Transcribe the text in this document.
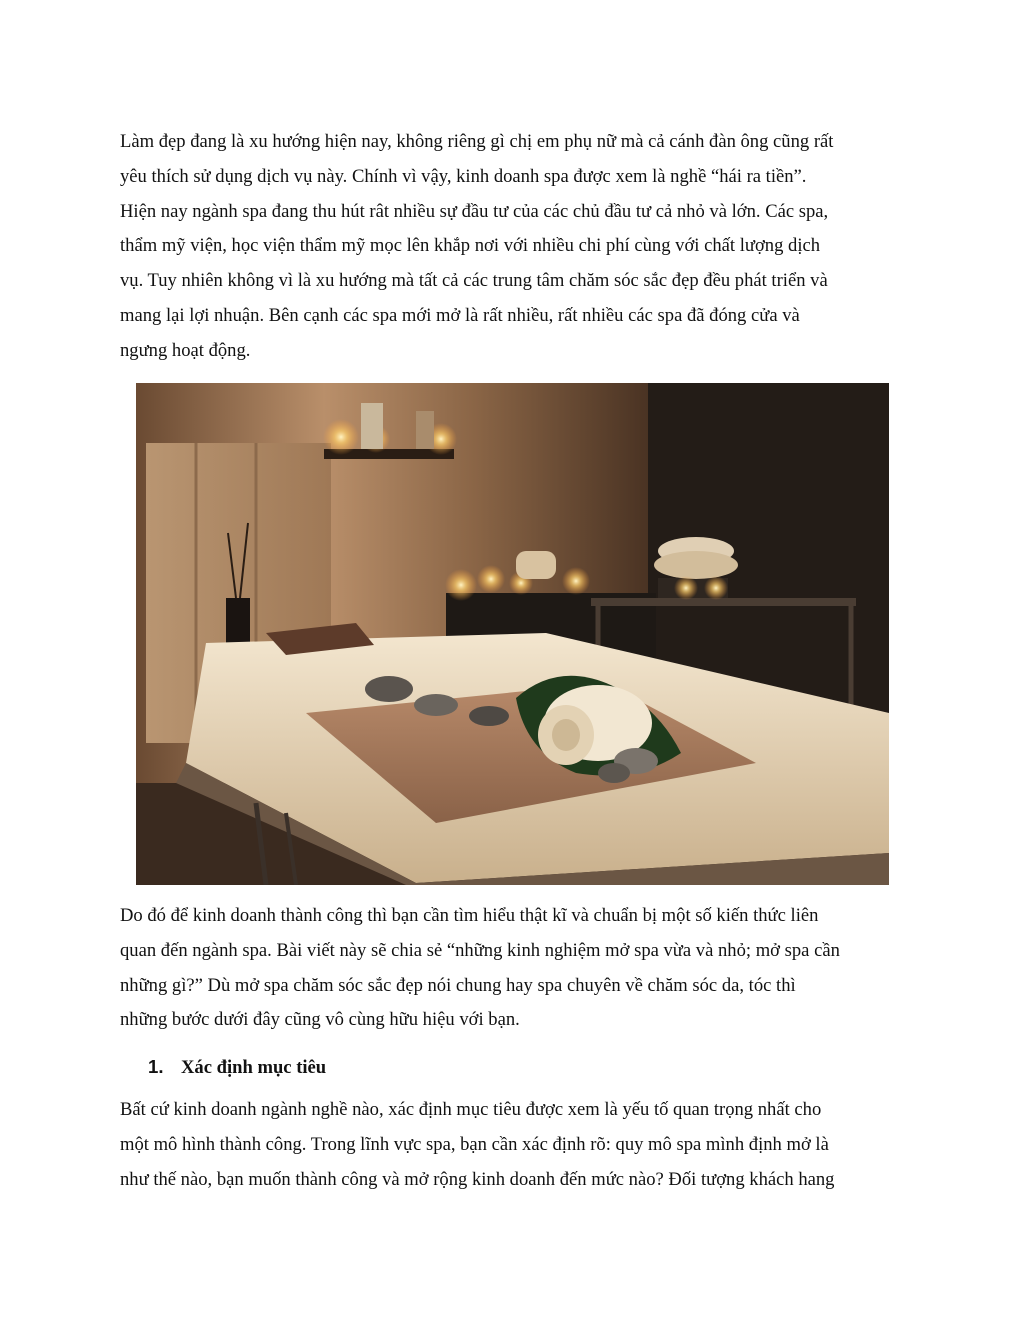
Làm đẹp đang là xu hướng hiện nay, không riêng gì chị em phụ nữ mà cả cánh đàn ông cũng rất
yêu thích sử dụng dịch vụ này. Chính vì vậy, kinh doanh spa được xem là nghề “hái ra tiền”.
Hiện nay ngành spa đang thu hút rât nhiều sự đầu tư của các chủ đầu tư cả nhỏ và lớn. Các spa,
thẩm mỹ viện, học viện thẩm mỹ mọc lên khắp nơi với nhiều chi phí cùng với chất lượng dịch
vụ. Tuy nhiên không vì là xu hướng mà tất cả các trung tâm chăm sóc sắc đẹp đều phát triển và
mang lại lợi nhuận. Bên cạnh các spa mới mở là rất nhiều, rất nhiều các spa đã đóng cửa và
ngưng hoạt động.

Do đó để kinh doanh thành công thì bạn cần tìm hiểu thật kĩ và chuẩn bị một số kiến thức liên
quan đến ngành spa. Bài viết này sẽ chia sẻ “những kinh nghiệm mở spa vừa và nhỏ; mở spa cần
những gì?” Dù mở spa chăm sóc sắc đẹp nói chung hay spa chuyên về chăm sóc da, tóc thì
những bước dưới đây cũng vô cùng hữu hiệu với bạn.

1. Xác định mục tiêu

Bất cứ kinh doanh ngành nghề nào, xác định mục tiêu được xem là yếu tố quan trọng nhất cho
một mô hình thành công. Trong lĩnh vực spa, bạn cần xác định rõ: quy mô spa mình định mở là
như thế nào, bạn muốn thành công và mở rộng kinh doanh đến mức nào? Đối tượng khách hang
